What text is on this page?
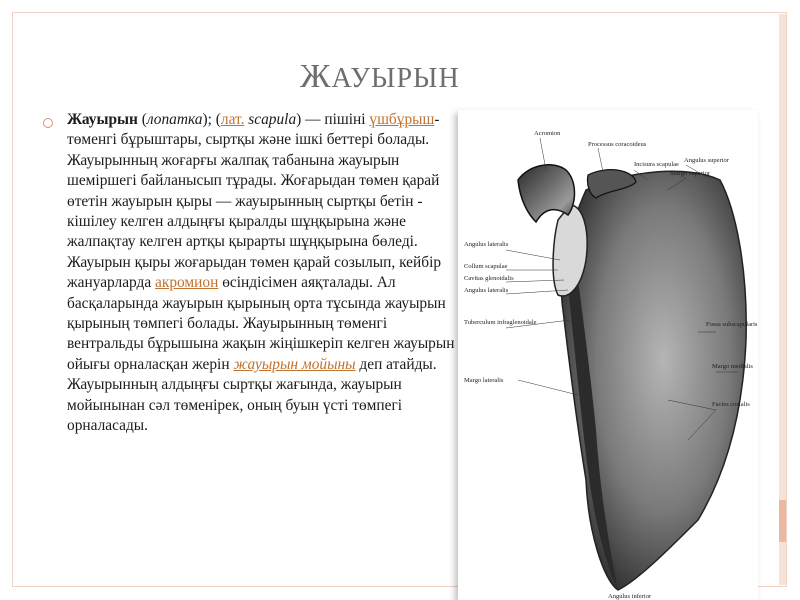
ЖАУЫРЫН
Жауырын (лопатка); (лат. scapula) — пішіні үшбұрыш-төменгі бұрыштары, сыртқы және ішкі беттері болады. Жауырынның жоғарғы жалпақ табанына жауырын шеміршегі байланысып тұрады. Жоғарыдан төмен қарай өтетін жауырын қыры — жауырынның сыртқы бетін - кішілеу келген алдыңғы қыралды шұңқырына және жалпақтау келген артқы қырарты шұңқырына бөледі. Жауырын қыры жоғарыдан төмен қарай созылып, кейбір жануарларда акромион өсіндісімен аяқталады. Ал басқаларында жауырын қырының орта тұсында жауырын қырының төмпегі болады. Жауырынның төменгі вентральды бұрышына жақын жіңішкеріп келген жауырын ойығы орналасқан жерін жауырын мойыны деп атайды. Жауырынның алдыңғы сыртқы жағында, жауырын мойынынан сәл төменірек, оның буын үсті төмпегі орналасады.
Acromion
Processus coracoideus
Incisura scapulae
Angulus superior
Margo superior
Angulus lateralis
Collum scapulae
Cavitas glenoidalis
Angulus lateralis
Tuberculum infraglenoidale	Fossa subscapularis
Margo medialis
Margo lateralis
Facies costalis
Angulus inferior
